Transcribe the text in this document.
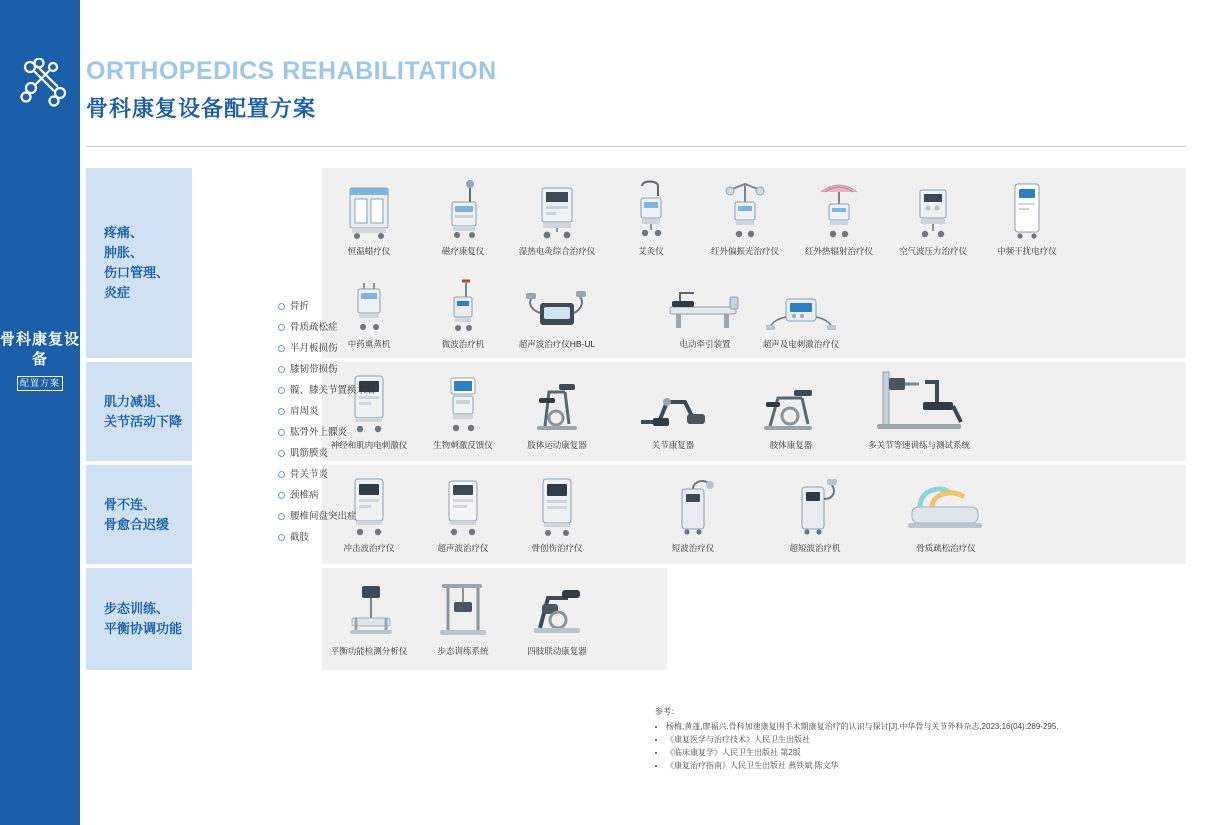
骨科康复设备
配置方案
ORTHOPEDICS REHABILITATION
骨科康复设备配置方案
疼痛、
肿胀、
伤口管理、
炎症
恒温蜡疗仪	磁疗康复仪	湿热电灸综合治疗仪	艾灸仪	红外偏振光治疗仪	红外热辐射治疗仪	空气波压力治疗仪	中频干扰电疗仪
中药熏蒸机	微波治疗机	超声波治疗仪HB-UL	电动牵引装置	超声及电刺激治疗仪
肌力减退、
关节活动下降
神经和肌肉电刺激仪	生物刺激反馈仪	肢体运动康复器	关节康复器	肢体康复器	多关节等速训练与测试系统
骨不连、
骨愈合迟缓
冲击波治疗仪	超声波治疗仪	骨创伤治疗仪	短波治疗仪	超短波治疗机	骨质疏松治疗仪
步态训练、
平衡协调功能
平衡功能检测分析仪	步态训练系统	四肢联动康复器
骨折
骨质疏松症
半月板损伤
膝韧带损伤
髋、膝关节置换术后
肩周炎
肱骨外上髁炎
肌筋膜炎
骨关节炎
颈椎病
腰椎间盘突出症
截肢
参考：
• 杨梅,黄蓬,廖福兴.骨科加速康复围手术期康复治疗的认识与探讨[J].中华骨与关节外科杂志,2023,16(04):289-295.
• 《康复医学与治疗技术》人民卫生出版社
• 《临床康复学》人民卫生出版社 第2版
• 《康复治疗指南》人民卫生出版社 燕铁斌 陈文华
